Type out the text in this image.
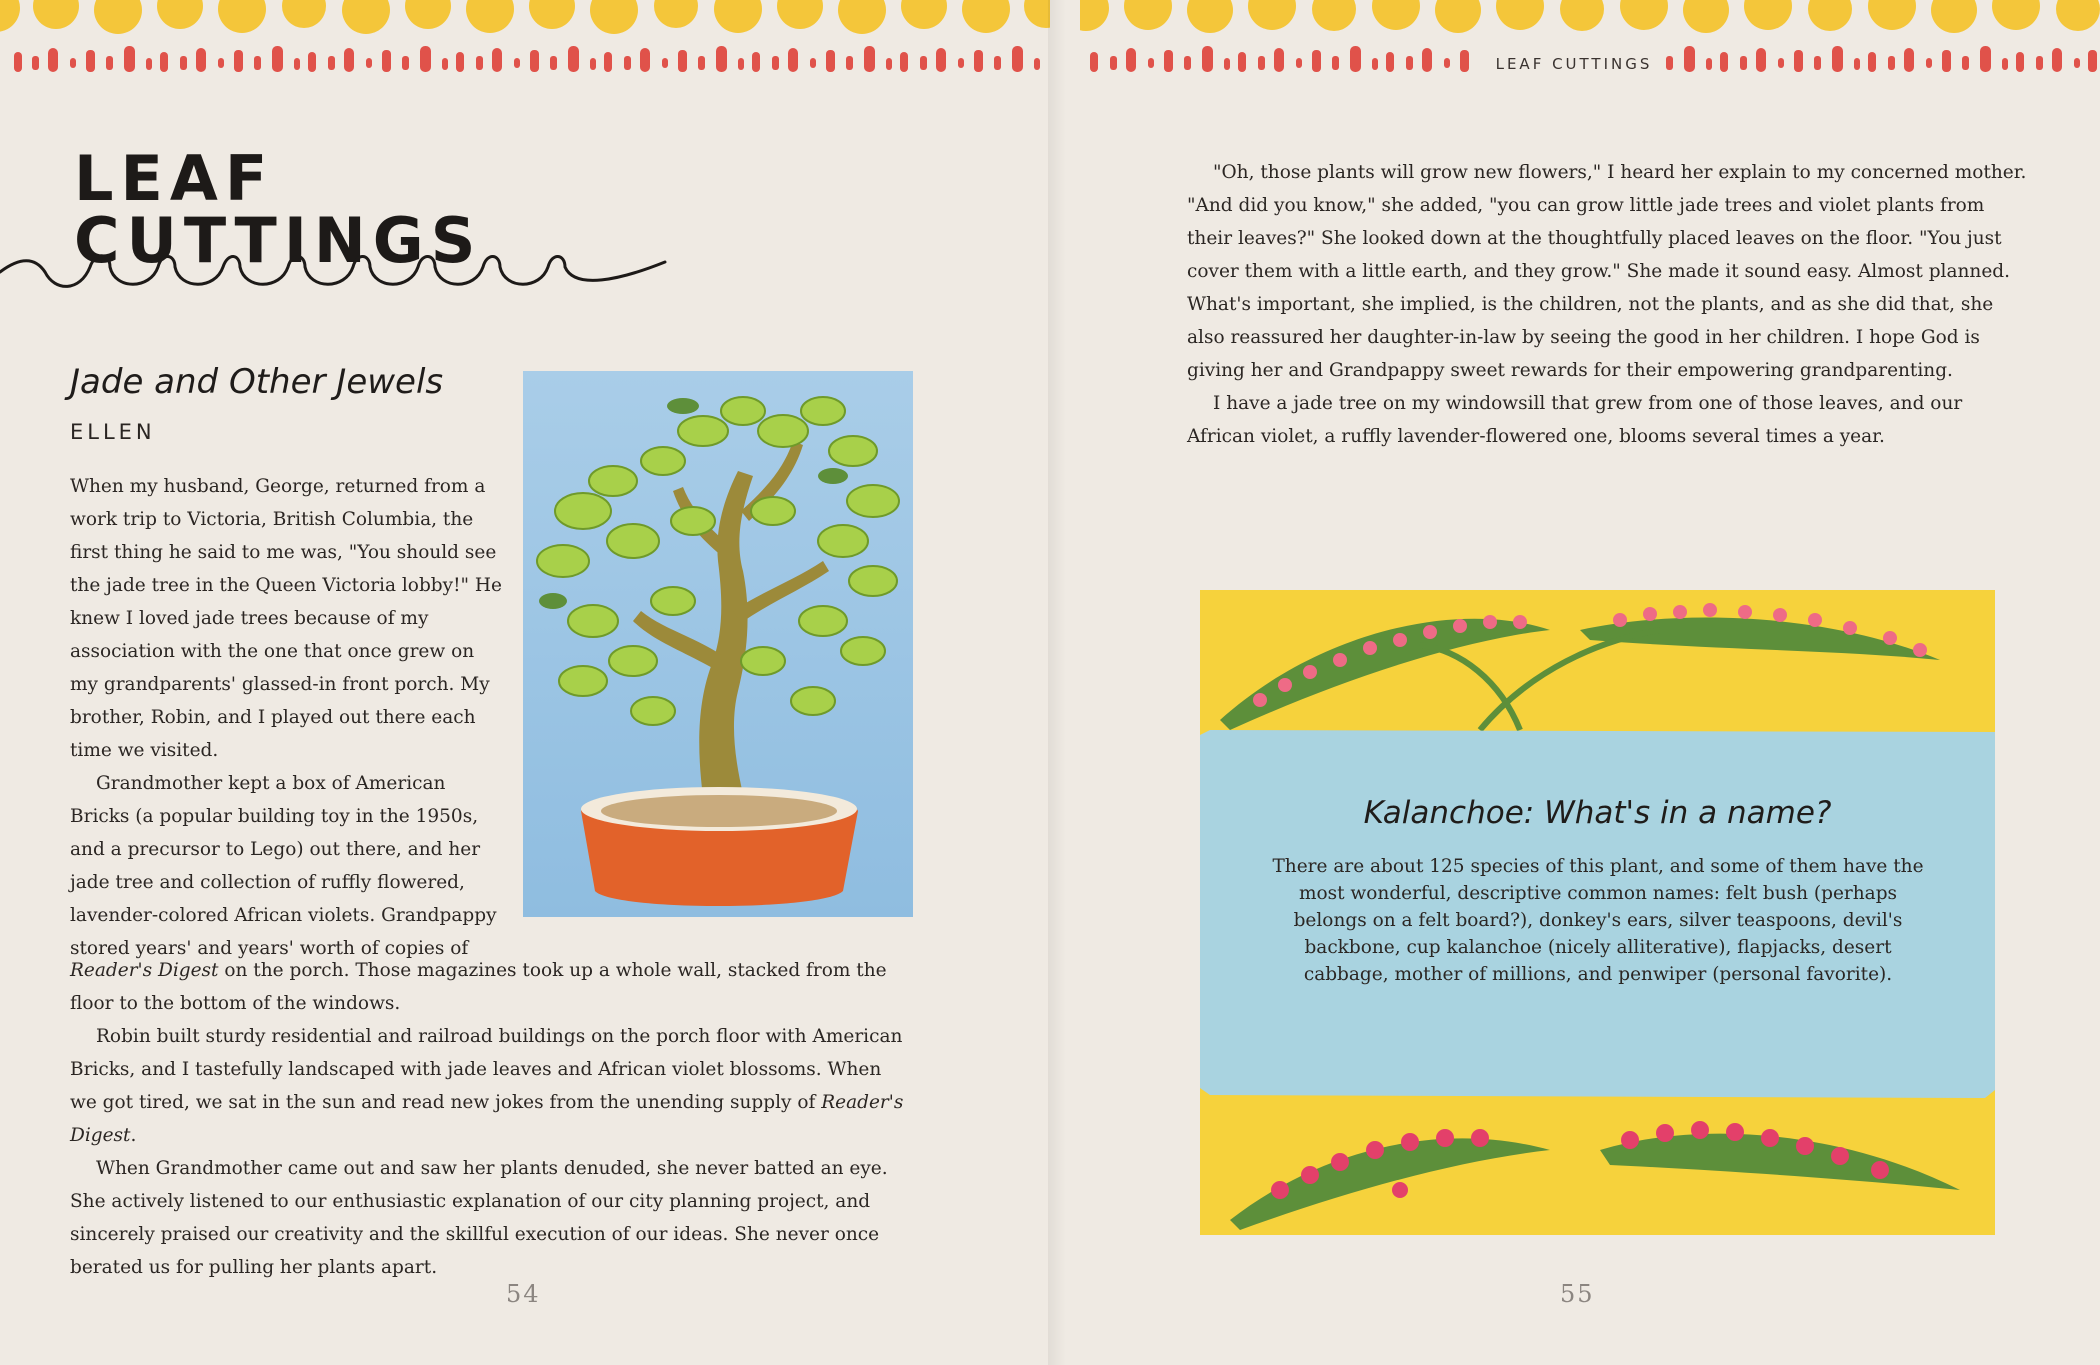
LEAF CUTTINGS
LEAF CUTTINGS
Jade and Other Jewels
ELLEN

When my husband, George, returned from a work trip to Victoria, British Columbia, the first thing he said to me was, "You should see the jade tree in the Queen Victoria lobby!" He knew I loved jade trees because of my association with the one that once grew on my grandparents' glassed-in front porch. My brother, Robin, and I played out there each time we visited.

Grandmother kept a box of American Bricks (a popular building toy in the 1950s, and a precursor to Lego) out there, and her jade tree and collection of ruffly flowered, lavender-colored African violets. Grandpappy stored years' and years' worth of copies of

Reader's Digest on the porch. Those magazines took up a whole wall, stacked from the floor to the bottom of the windows.

Robin built sturdy residential and railroad buildings on the porch floor with American Bricks, and I tastefully landscaped with jade leaves and African violet blossoms. When we got tired, we sat in the sun and read new jokes from the unending supply of Reader's Digest.

When Grandmother came out and saw her plants denuded, she never batted an eye. She actively listened to our enthusiastic explanation of our city planning project, and sincerely praised our creativity and the skillful execution of our ideas. She never once berated us for pulling her plants apart.

54

"Oh, those plants will grow new flowers," I heard her explain to my concerned mother. "And did you know," she added, "you can grow little jade trees and violet plants from their leaves?" She looked down at the thoughtfully placed leaves on the floor. "You just cover them with a little earth, and they grow." She made it sound easy. Almost planned. What's important, she implied, is the children, not the plants, and as she did that, she also reassured her daughter-in-law by seeing the good in her children. I hope God is giving her and Grandpappy sweet rewards for their empowering grandparenting.

I have a jade tree on my windowsill that grew from one of those leaves, and our African violet, a ruffly lavender-flowered one, blooms several times a year.

Kalanchoe: What's in a name?

There are about 125 species of this plant, and some of them have the most wonderful, descriptive common names: felt bush (perhaps belongs on a felt board?), donkey's ears, silver teaspoons, devil's backbone, cup kalanchoe (nicely alliterative), flapjacks, desert cabbage, mother of millions, and penwiper (personal favorite).

55
